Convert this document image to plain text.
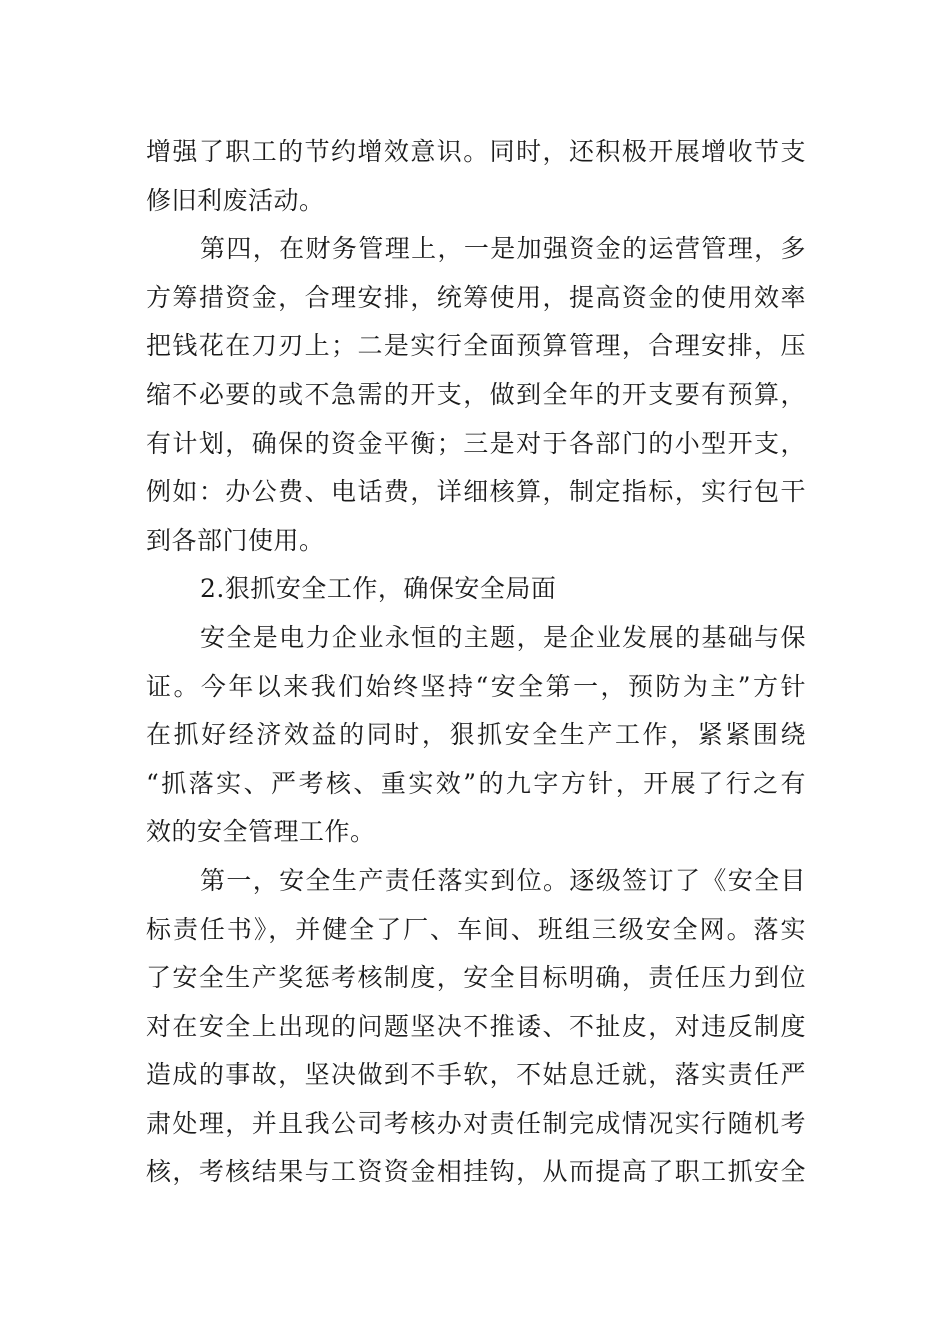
增强了职工的节约增效意识。同时，还积极开展增收节支
修旧利废活动。
第四，在财务管理上，一是加强资金的运营管理，多
方筹措资金，合理安排，统筹使用，提高资金的使用效率
把钱花在刀刃上；二是实行全面预算管理，合理安排，压
缩不必要的或不急需的开支，做到全年的开支要有预算，
有计划，确保的资金平衡；三是对于各部门的小型开支，
例如：办公费、电话费，详细核算，制定指标，实行包干
到各部门使用。
2.狠抓安全工作，确保安全局面
安全是电力企业永恒的主题，是企业发展的基础与保
证。今年以来我们始终坚持“安全第一，预防为主”方针
在抓好经济效益的同时，狠抓安全生产工作，紧紧围绕
“抓落实、严考核、重实效”的九字方针，开展了行之有
效的安全管理工作。
第一，安全生产责任落实到位。逐级签订了《安全目
标责任书》，并健全了厂、车间、班组三级安全网。落实
了安全生产奖惩考核制度，安全目标明确，责任压力到位
对在安全上出现的问题坚决不推诿、不扯皮，对违反制度
造成的事故，坚决做到不手软，不姑息迁就，落实责任严
肃处理，并且我公司考核办对责任制完成情况实行随机考
核，考核结果与工资资金相挂钩，从而提高了职工抓安全
